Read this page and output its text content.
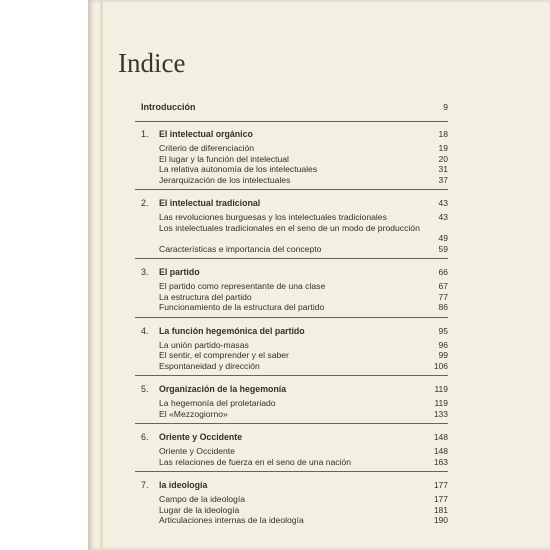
Indice
Introducción	9
1. El intelectual orgánico	18
Criterio de diferenciación	19
El lugar y la función del intelectual	20
La relativa autonomía de los intelectuales	31
Jerarquización de los intelectuales	37
2. El intelectual tradicional	43
Las revoluciones burguesas y los intelectuales tradicionales	43
Los intelectuales tradicionales en el seno de un modo de producción
49
Características e importancia del concepto	59
3. El partido	66
El partido como representante de una clase	67
La estructura del partido	77
Funcionamiento de la estructura del partido	86
4. La función hegemónica del partido	95
La unión partido-masas	96
El sentir, el comprender y el saber	99
Espontaneidad y dirección	106
5. Organización de la hegemonía	119
La hegemonía del proletariado	119
El «Mezzogiorno»	133
6. Oriente y Occidente	148
Oriente y Occidente	148
Las relaciones de fuerza en el seno de una nación	163
7. la ideología	177
Campo de la ideología	177
Lugar de la ideología	181
Articulaciones internas de la ideología	190
